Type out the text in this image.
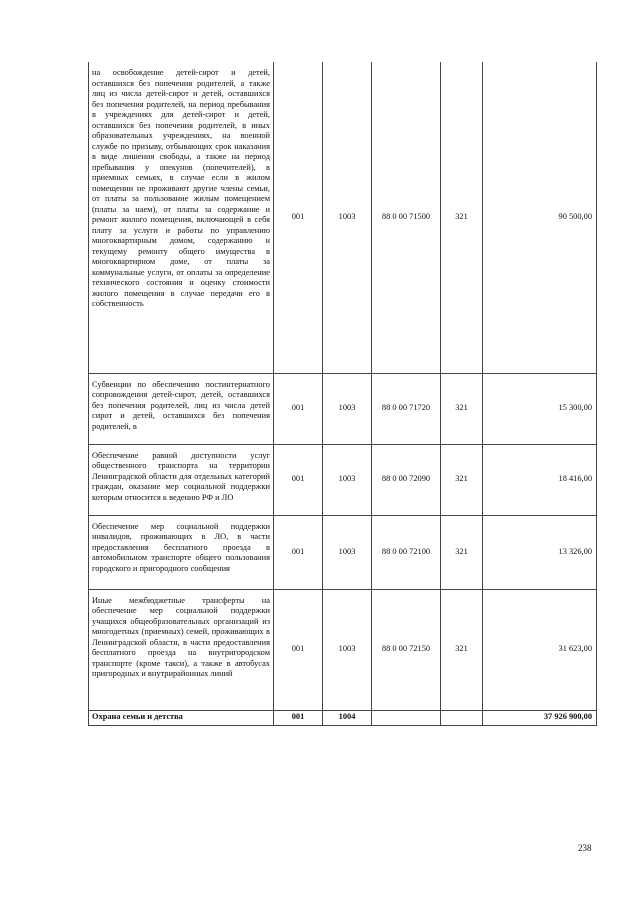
на освобождение детей-сирот и детей, оставшихся без попечения родителей, а также лиц из числа детей-сирот и детей, оставшихся без попечения родителей, на период пребывания в учреждениях для детей-сирот и детей, оставшихся без попечения родителей, в иных образовательных учреждениях, на военной службе по призыву, отбывающих срок наказания в виде лишения свободы, а также на период пребывания у опекунов (попечителей), в приемных семьях, в случае если в жилом помещении не проживают другие члены семьи, от платы за пользование жилым помещением (платы за наем), от платы за содержание и ремонт жилого помещения, включающей в себя плату за услуги и работы по управлению многоквартирным домом, содержанию и текущему ремонту общего имущества в многоквартирном доме, от платы за коммунальные услуги, от оплаты за определение технического состояния и оценку стоимости жилого помещения в случае передачи его в собственность	001	1003	88 0 00 71500	321	90 500,00
Субвенции по обеспечению постинтернатного сопровождения детей-сирот, детей, оставшихся без попечения родителей, лиц из числа детей сирот и детей, оставшихся без попечения родителей, в	001	1003	88 0 00 71720	321	15 300,00
Обеспечение равной доступности услуг общественного транспорта на территории Ленинградской области для отдельных категорий граждан, оказание мер социальной поддержки которым относится к ведению РФ и ЛО	001	1003	88 0 00 72090	321	18 416,00
Обеспечение мер социальной поддержки инвалидов, проживающих в ЛО, в части предоставления бесплатного проезда в автомобильном транспорте общего пользования городского и пригородного сообщения	001	1003	88 0 00 72100	321	13 326,00
Иные межбюджетные трансферты на обеспечение мер социальной поддержки учащихся общеобразовательных организаций из многодетных (приемных) семей, проживающих в Ленинградской области, в части предоставления бесплатного проезда на внутригородском транспорте (кроме такси), а также в автобусах пригородных и внутрирайонных линий	001	1003	88 0 00 72150	321	31 623,00
Охрана семьи и детства	001	1004			37 926 900,00
238
